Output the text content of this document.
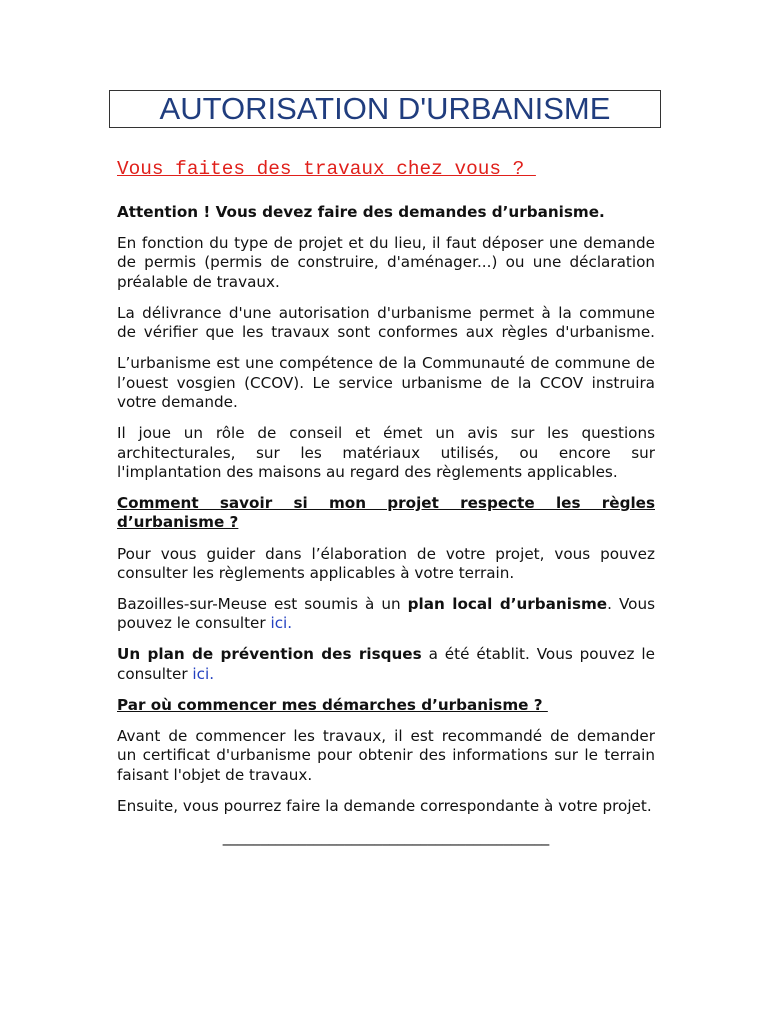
AUTORISATION D'URBANISME
Vous faites des travaux chez vous ?
Attention ! Vous devez faire des demandes d’urbanisme.
En fonction du type de projet et du lieu, il faut déposer une demande
de permis (permis de construire, d'aménager...) ou une déclaration
préalable de travaux.
La délivrance d'une autorisation d'urbanisme permet à la commune
de vérifier que les travaux sont conformes aux règles d'urbanisme.
L’urbanisme est une compétence de la Communauté de commune de
l’ouest vosgien (CCOV). Le service urbanisme de la CCOV instruira
votre demande.
Il joue un rôle de conseil et émet un avis sur les questions
architecturales, sur les matériaux utilisés, ou encore sur
l'implantation des maisons au regard des règlements applicables.
Comment savoir si mon projet respecte les règles
d’urbanisme ?
Pour vous guider dans l’élaboration de votre projet, vous pouvez
consulter les règlements applicables à votre terrain.
Bazoilles-sur-Meuse est soumis à un plan local d’urbanisme. Vous
pouvez le consulter ici.
Un plan de prévention des risques a été établit. Vous pouvez le
consulter ici.
Par où commencer mes démarches d’urbanisme ?
Avant de commencer les travaux, il est recommandé de demander
un certificat d'urbanisme pour obtenir des informations sur le terrain
faisant l'objet de travaux.
Ensuite, vous pourrez faire la demande correspondante à votre projet.
___________________________________________
